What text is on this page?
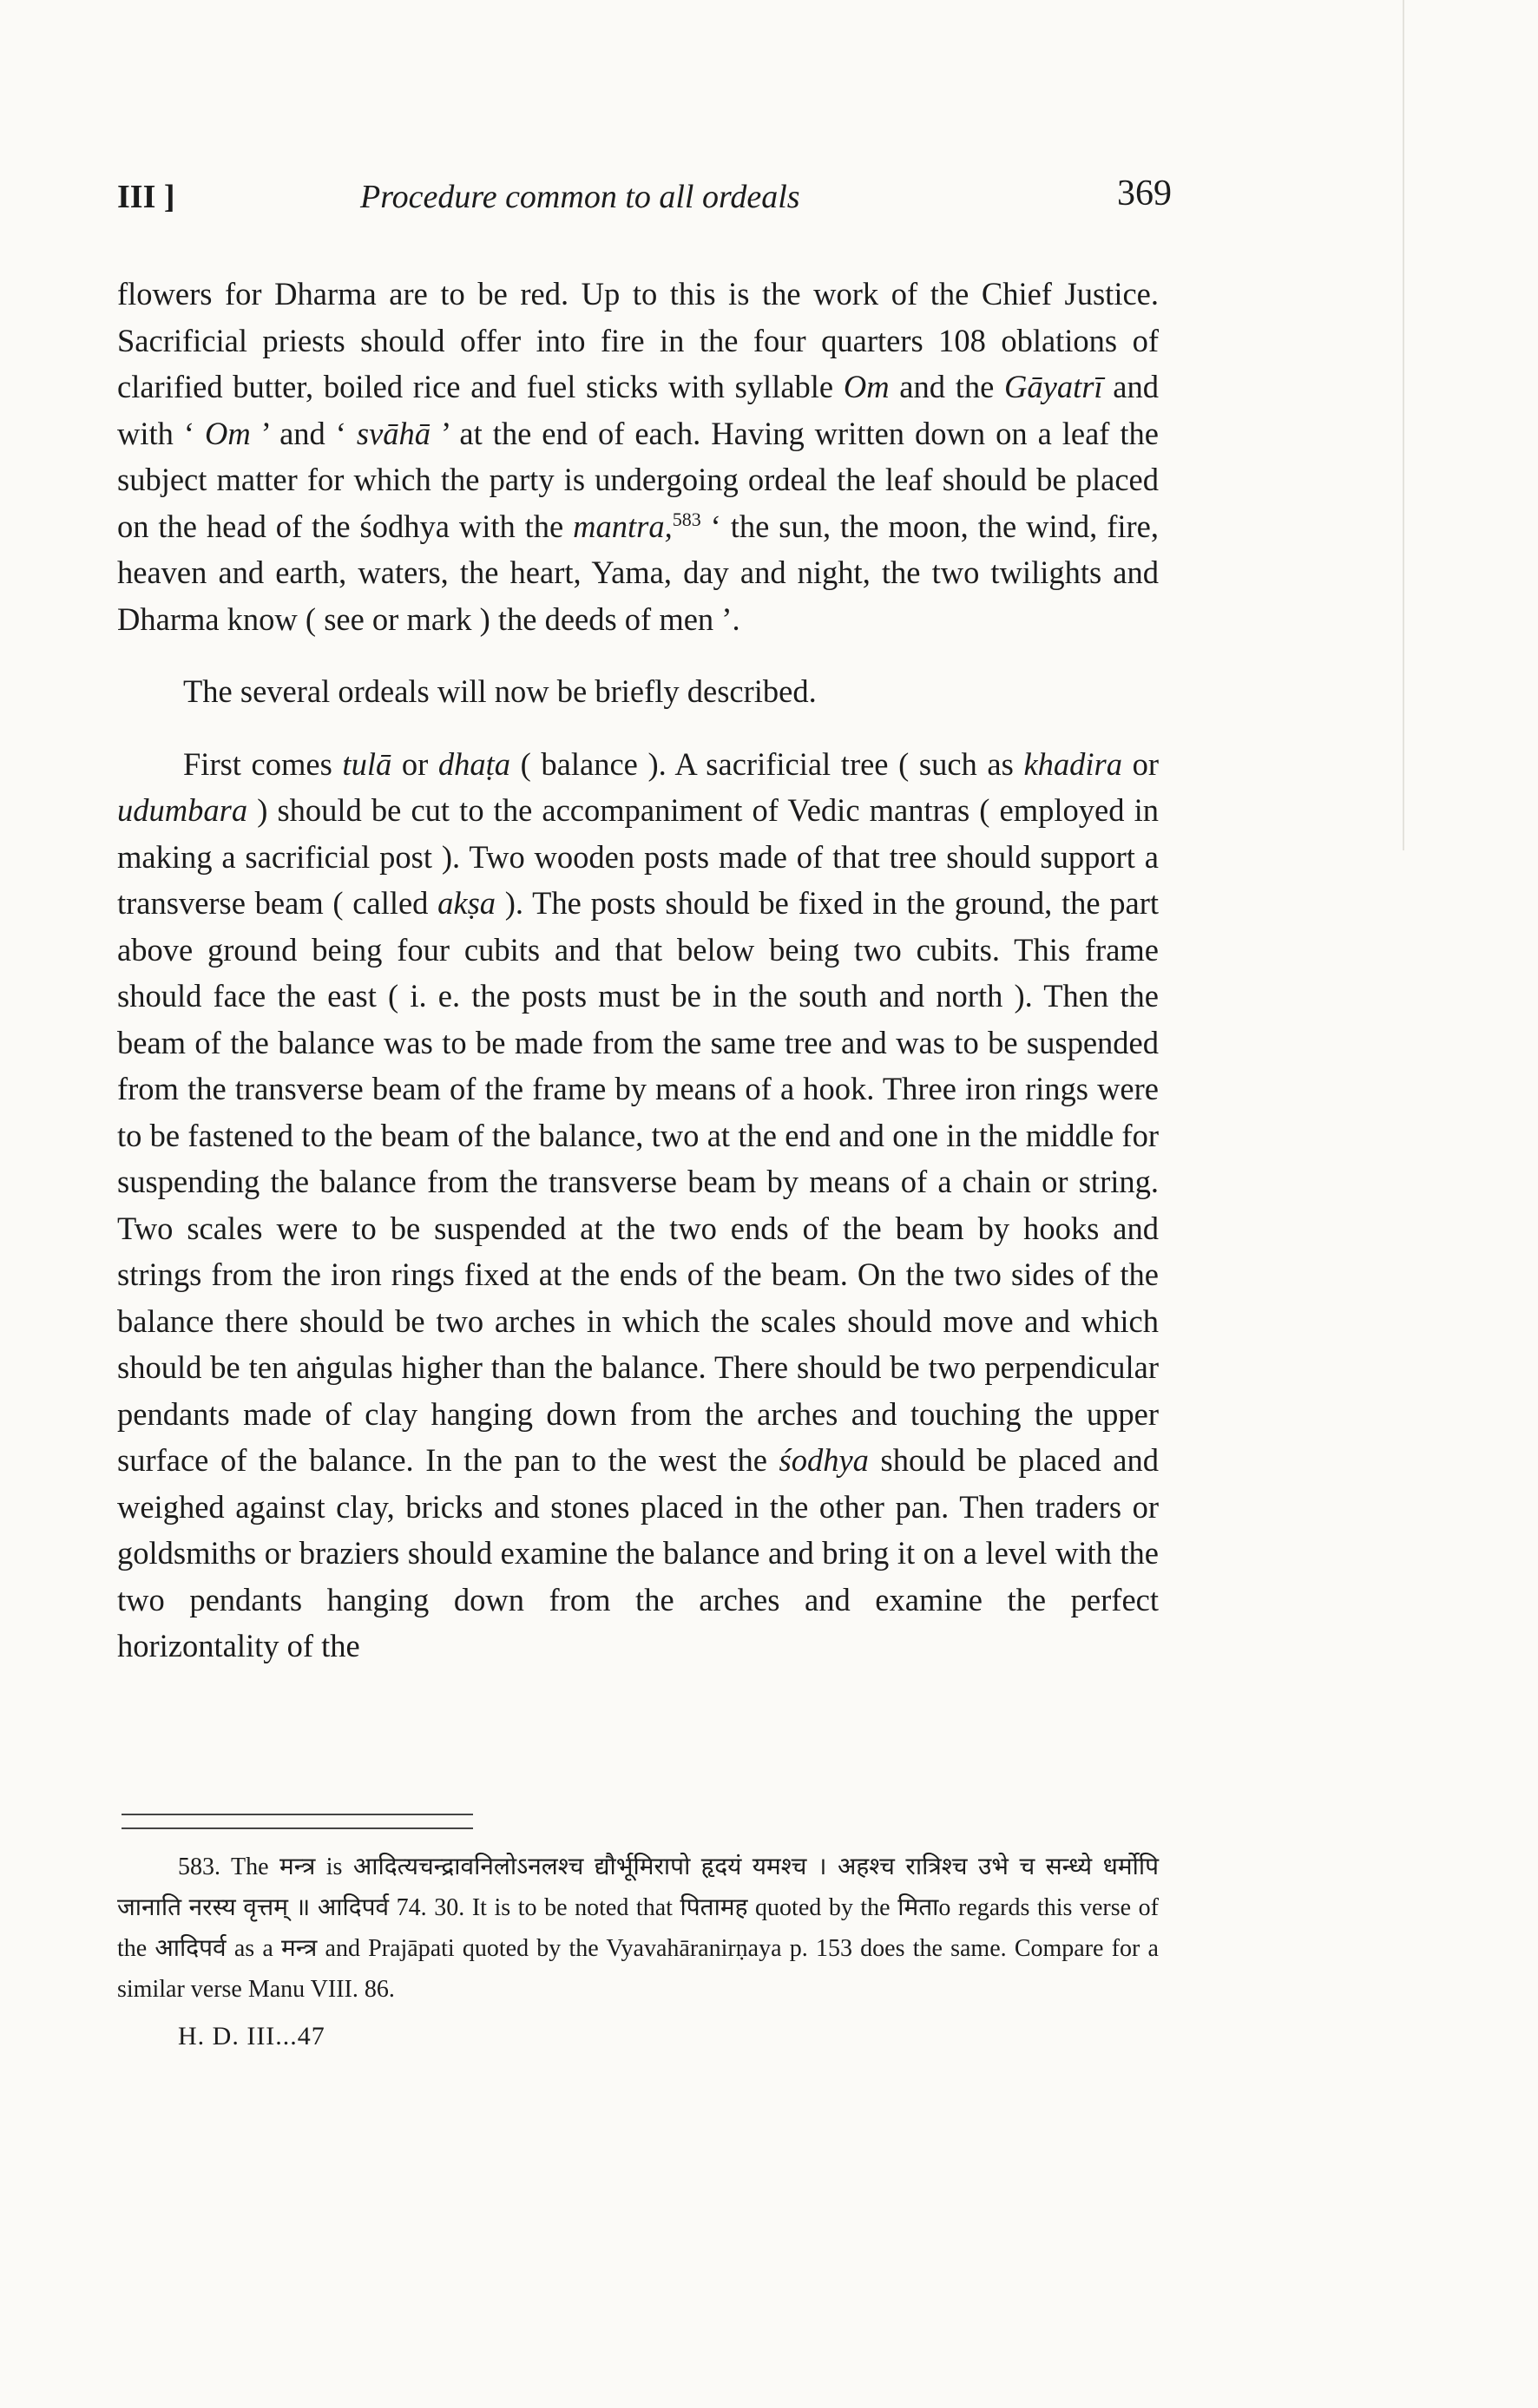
III ]	Procedure common to all ordeals	369

flowers for Dharma are to be red. Up to this is the work of the Chief Justice. Sacrificial priests should offer into fire in the four quarters 108 oblations of clarified butter, boiled rice and fuel sticks with syllable Om and the Gāyatrī and with ‘ Om ’ and ‘ svāhā ’ at the end of each. Having written down on a leaf the subject matter for which the party is undergoing ordeal the leaf should be placed on the head of the śodhya with the mantra,$^{583}$ ‘ the sun, the moon, the wind, fire, heaven and earth, waters, the heart, Yama, day and night, the two twilights and Dharma know ( see or mark ) the deeds of men ’.

The several ordeals will now be briefly described.

First comes tulā or dhaṭa ( balance ). A sacrificial tree ( such as khadira or udumbara ) should be cut to the accompaniment of Vedic mantras ( employed in making a sacrificial post ). Two wooden posts made of that tree should support a transverse beam ( called akṣa ). The posts should be fixed in the ground, the part above ground being four cubits and that below being two cubits. This frame should face the east ( i. e. the posts must be in the south and north ). Then the beam of the balance was to be made from the same tree and was to be suspended from the transverse beam of the frame by means of a hook. Three iron rings were to be fastened to the beam of the balance, two at the end and one in the middle for suspending the balance from the transverse beam by means of a chain or string. Two scales were to be suspended at the two ends of the beam by hooks and strings from the iron rings fixed at the ends of the beam. On the two sides of the balance there should be two arches in which the scales should move and which should be ten aṅgulas higher than the balance. There should be two perpendicular pendants made of clay hanging down from the arches and touching the upper surface of the balance. In the pan to the west the śodhya should be placed and weighed against clay, bricks and stones placed in the other pan. Then traders or goldsmiths or braziers should examine the balance and bring it on a level with the two pendants hanging down from the arches and examine the perfect horizontality of the

583. The मन्त्र is आदित्यचन्द्रावनिलोऽनलश्च द्यौर्भूमिरापो हृदयं यमश्च । अहश्च रात्रिश्च उभे च सन्ध्ये धर्मोपि जानाति नरस्य वृत्तम् ॥ आदिपर्व 74. 30. It is to be noted that पितामह quoted by the मिताo regards this verse of the आदिपर्व as a मन्त्र and Prajāpati quoted by the Vyavahāranirṇaya p. 153 does the same. Compare for a similar verse Manu VIII. 86.

H. D. III...47
